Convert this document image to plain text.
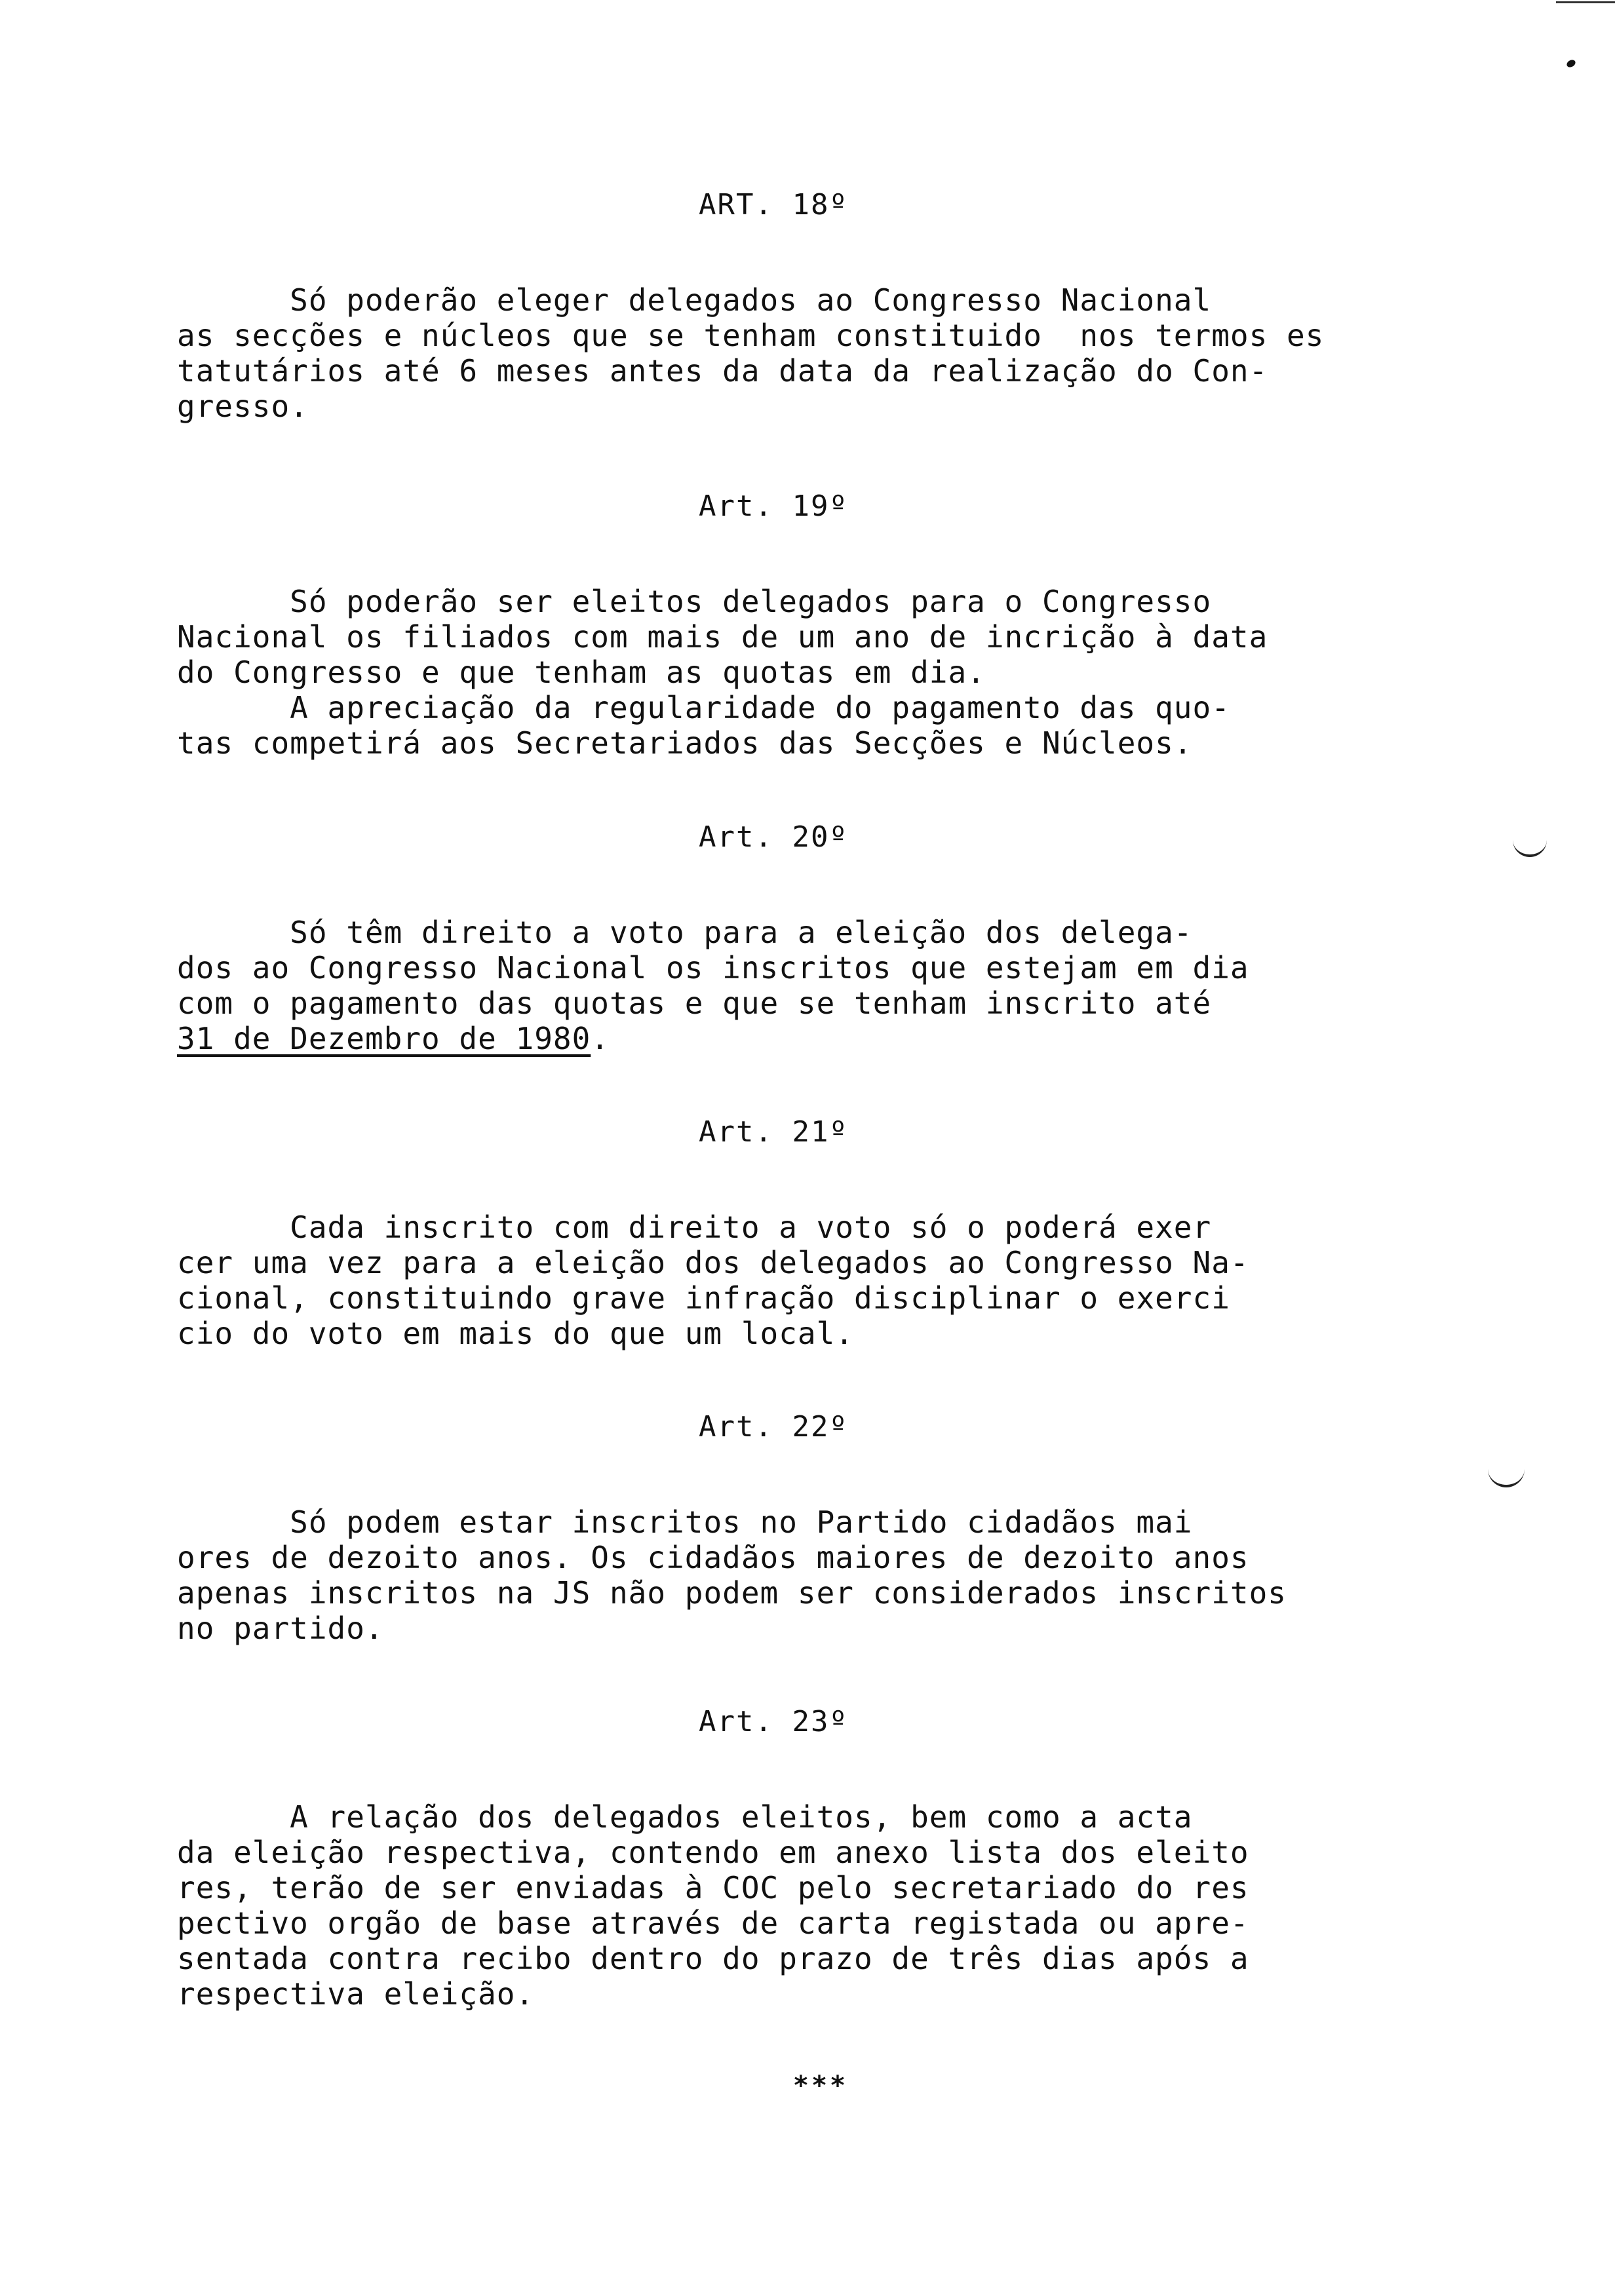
ART. 18º

Só poderão eleger delegados ao Congresso Nacional

as secções e núcleos que se tenham constituido  nos termos es

tatutários até 6 meses antes da data da realização do Con-

gresso.

Art. 19º

Só poderão ser eleitos delegados para o Congresso

Nacional os filiados com mais de um ano de incrição à data

do Congresso e que tenham as quotas em dia.

A apreciação da regularidade do pagamento das quo-

tas competirá aos Secretariados das Secções e Núcleos.

Art. 20º

Só têm direito a voto para a eleição dos delega-

dos ao Congresso Nacional os inscritos que estejam em dia

com o pagamento das quotas e que se tenham inscrito até

31 de Dezembro de 1980.

Art. 21º

Cada inscrito com direito a voto só o poderá exer

cer uma vez para a eleição dos delegados ao Congresso Na-

cional, constituindo grave infração disciplinar o exerci

cio do voto em mais do que um local.

Art. 22º

Só podem estar inscritos no Partido cidadãos mai

ores de dezoito anos. Os cidadãos maiores de dezoito anos

apenas inscritos na JS não podem ser considerados inscritos

no partido.

Art. 23º

A relação dos delegados eleitos, bem como a acta

da eleição respectiva, contendo em anexo lista dos eleito

res, terão de ser enviadas à COC pelo secretariado do res

pectivo orgão de base através de carta registada ou apre-

sentada contra recibo dentro do prazo de três dias após a

respectiva eleição.

***
